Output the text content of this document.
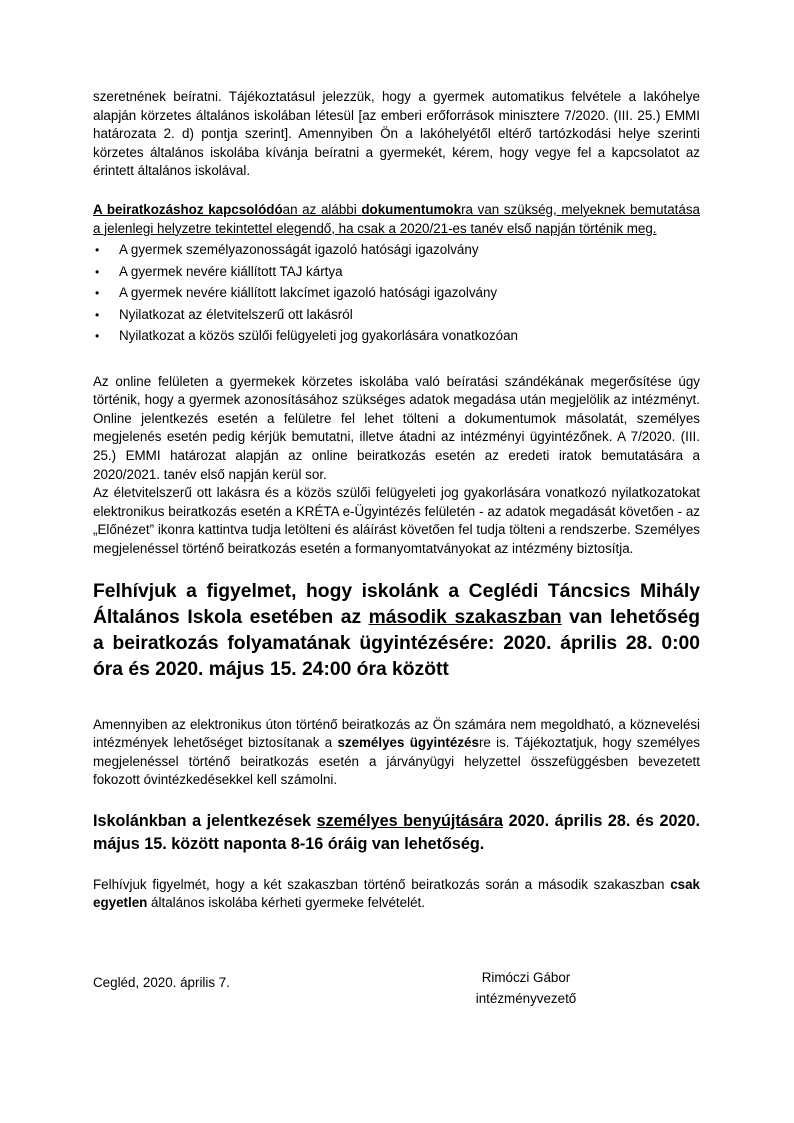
szeretnének beíratni. Tájékoztatásul jelezzük, hogy a gyermek automatikus felvétele a lakóhelye alapján körzetes általános iskolában létesül [az emberi erőforrások minisztere 7/2020. (III. 25.) EMMI határozata 2. d) pontja szerint]. Amennyiben Ön a lakóhelyétől eltérő tartózkodási helye szerinti körzetes általános iskolába kívánja beíratni a gyermekét, kérem, hogy vegye fel a kapcsolatot az érintett általános iskolával.

A beiratkozáshoz kapcsolódóan az alábbi dokumentumokra van szükség, melyeknek bemutatása a jelenlegi helyzetre tekintettel elegendő, ha csak a 2020/21-es tanév első napján történik meg.

• A gyermek személyazonosságát igazoló hatósági igazolvány
• A gyermek nevére kiállított TAJ kártya
• A gyermek nevére kiállított lakcímet igazoló hatósági igazolvány
• Nyilatkozat az életvitelszerű ott lakásról
• Nyilatkozat a közös szülői felügyeleti jog gyakorlására vonatkozóan

Az online felületen a gyermekek körzetes iskolába való beíratási szándékának megerősítése úgy történik, hogy a gyermek azonosításához szükséges adatok megadása után megjelölik az intézményt. Online jelentkezés esetén a felületre fel lehet tölteni a dokumentumok másolatát, személyes megjelenés esetén pedig kérjük bemutatni, illetve átadni az intézményi ügyintézőnek. A 7/2020. (III. 25.) EMMI határozat alapján az online beiratkozás esetén az eredeti iratok bemutatására a 2020/2021. tanév első napján kerül sor.

Az életvitelszerű ott lakásra és a közös szülői felügyeleti jog gyakorlására vonatkozó nyilatkozatokat elektronikus beiratkozás esetén a KRÉTA e-Ügyintézés felületén - az adatok megadását követően - az „Előnézet” ikonra kattintva tudja letölteni és aláírást követően fel tudja tölteni a rendszerbe. Személyes megjelenéssel történő beiratkozás esetén a formanyomtatványokat az intézmény biztosítja.

Felhívjuk a figyelmet, hogy iskolánk a Ceglédi Táncsics Mihály Általános Iskola esetében az második szakaszban van lehetőség a beiratkozás folyamatának ügyintézésére: 2020. április 28. 0:00 óra és 2020. május 15. 24:00 óra között

Amennyiben az elektronikus úton történő beiratkozás az Ön számára nem megoldható, a köznevelési intézmények lehetőséget biztosítanak a személyes ügyintézésre is. Tájékoztatjuk, hogy személyes megjelenéssel történő beiratkozás esetén a járványügyi helyzettel összefüggésben bevezetett fokozott óvintézkedésekkel kell számolni.

Iskolánkban a jelentkezések személyes benyújtására 2020. április 28. és 2020. május 15. között naponta 8-16 óráig van lehetőség.

Felhívjuk figyelmét, hogy a két szakaszban történő beiratkozás során a második szakaszban csak egyetlen általános iskolába kérheti gyermeke felvételét.

Cegléd, 2020. április 7.	Rimóczi Gábor
intézményvezető
